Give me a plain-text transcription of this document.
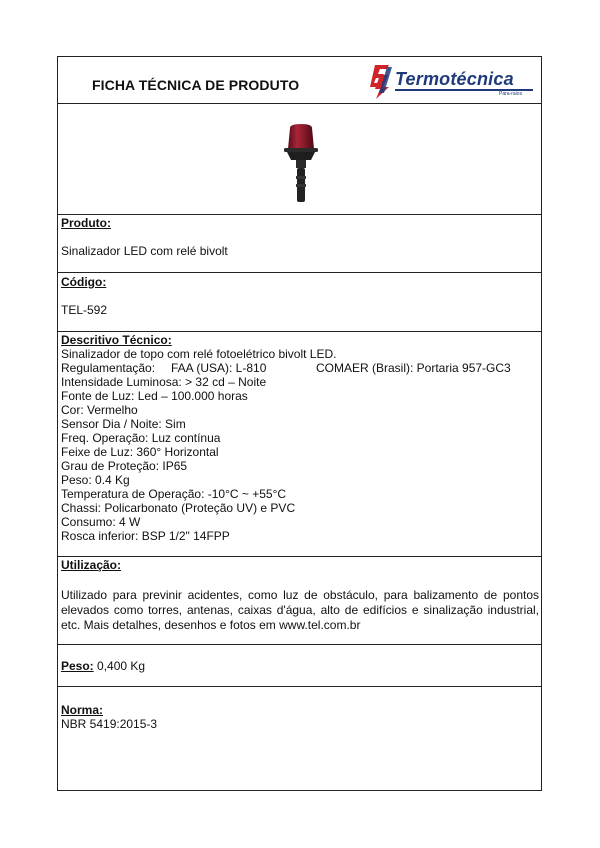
FICHA TÉCNICA DE PRODUTO	Termotécnica
Pára-raios
Produto:
Sinalizador LED com relé bivolt
Código:
TEL-592
Descritivo Técnico:
Sinalizador de topo com relé fotoelétrico bivolt LED.
Regulamentação: FAA (USA): L-810	COMAER (Brasil): Portaria 957-GC3
Intensidade Luminosa: > 32 cd – Noite
Fonte de Luz: Led – 100.000 horas
Cor: Vermelho
Sensor Dia / Noite: Sim
Freq. Operação: Luz contínua
Feixe de Luz: 360° Horizontal
Grau de Proteção: IP65
Peso: 0.4 Kg
Temperatura de Operação: -10°C ~ +55°C
Chassi: Policarbonato (Proteção UV) e PVC
Consumo: 4 W
Rosca inferior: BSP 1/2" 14FPP
Utilização:
Utilizado para previnir acidentes, como luz de obstáculo, para balizamento de pontos elevados como torres, antenas, caixas d'água, alto de edifícios e sinalização industrial, etc. Mais detalhes, desenhos e fotos em www.tel.com.br
Peso: 0,400 Kg
Norma:
NBR 5419:2015-3
